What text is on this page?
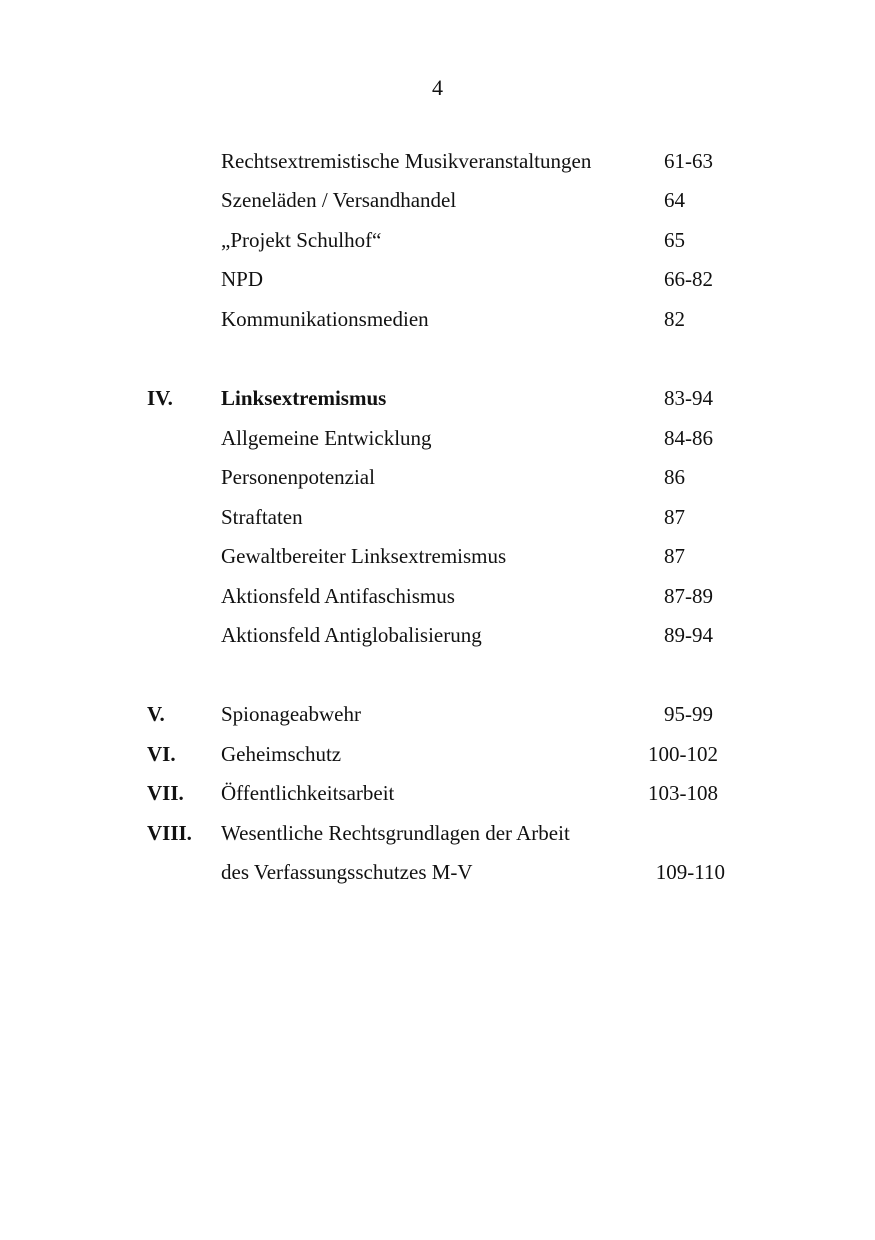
4
Rechtsextremistische Musikveranstaltungen	61-63
Szeneläden / Versandhandel	64
„Projekt Schulhof“	65
NPD	66-82
Kommunikationsmedien	82
IV. Linksextremismus	83-94
Allgemeine Entwicklung	84-86
Personenpotenzial	86
Straftaten	87
Gewaltbereiter Linksextremismus	87
Aktionsfeld Antifaschismus	87-89
Aktionsfeld Antiglobalisierung	89-94
V.	Spionageabwehr	95-99
VI. Geheimschutz	100-102
VII. Öffentlichkeitsarbeit	103-108
VIII. Wesentliche Rechtsgrundlagen der Arbeit
des Verfassungsschutzes M-V	109-110
